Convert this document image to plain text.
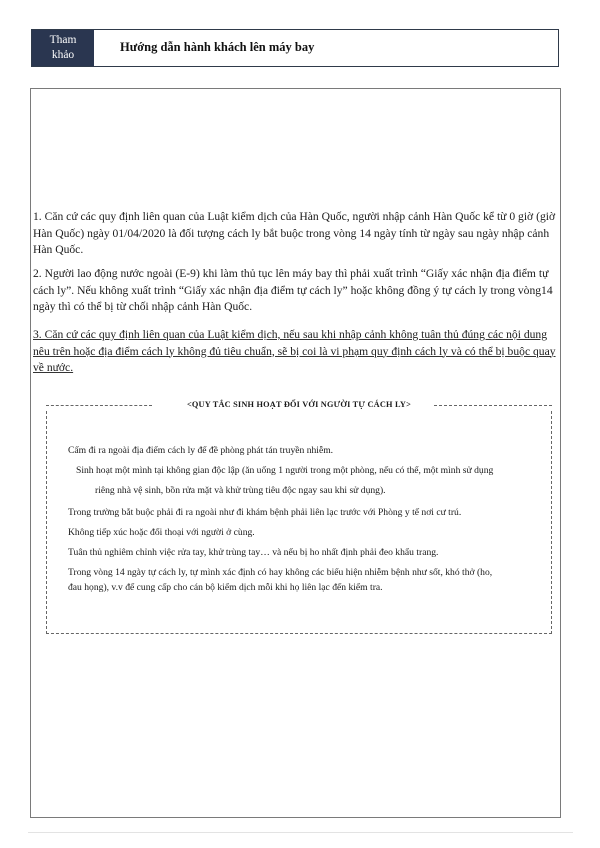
Tham
khảo
Hướng dẫn hành khách lên máy bay
1. Căn cứ các quy định liên quan của Luật kiểm dịch của Hàn Quốc, người nhập cảnh Hàn Quốc kể từ 0 giờ (giờ Hàn Quốc) ngày 01/04/2020 là đối tượng cách ly bắt buộc trong vòng 14 ngày tính từ ngày sau ngày nhập cảnh Hàn Quốc.
2. Người lao động nước ngoài (E-9) khi làm thủ tục lên máy bay thì phải xuất trình “Giấy xác nhận địa điểm tự cách ly”. Nếu không xuất trình “Giấy xác nhận địa điểm tự cách ly” hoặc không đồng ý tự cách ly trong vòng14 ngày thì có thể bị từ chối nhập cảnh Hàn Quốc.
3. Căn cứ các quy định liên quan của Luật kiểm dịch, nếu sau khi nhập cảnh không tuân thủ đúng các nội dung nêu trên hoặc địa điểm cách ly không đủ tiêu chuẩn, sẽ bị coi là vi phạm quy định cách ly và có thể bị buộc quay về nước.
<QUY TẮC SINH HOẠT ĐỐI VỚI NGƯỜI TỰ CÁCH LY>
Cấm đi ra ngoài địa điểm cách ly để đề phòng phát tán truyền nhiễm.
Sinh hoạt một mình tại không gian độc lập (ăn uống 1 người trong một phòng, nếu có thể, một mình sử dụng
riêng nhà vệ sinh, bồn rửa mặt và khử trùng tiêu độc ngay sau khi sử dụng).
Trong trường bắt buộc phải đi ra ngoài như đi khám bệnh phải liên lạc trước với Phòng y tế nơi cư trú.
Không tiếp xúc hoặc đối thoại với người ở cùng.
Tuân thủ nghiêm chỉnh việc rửa tay, khử trùng tay… và nếu bị ho nhất định phải đeo khẩu trang.
Trong vòng 14 ngày tự cách ly, tự mình xác định có hay không các biểu hiện nhiễm bệnh như sốt, khó thở (ho,
đau họng), v.v để cung cấp cho cán bộ kiểm dịch mỗi khi họ liên lạc đến kiểm tra.
